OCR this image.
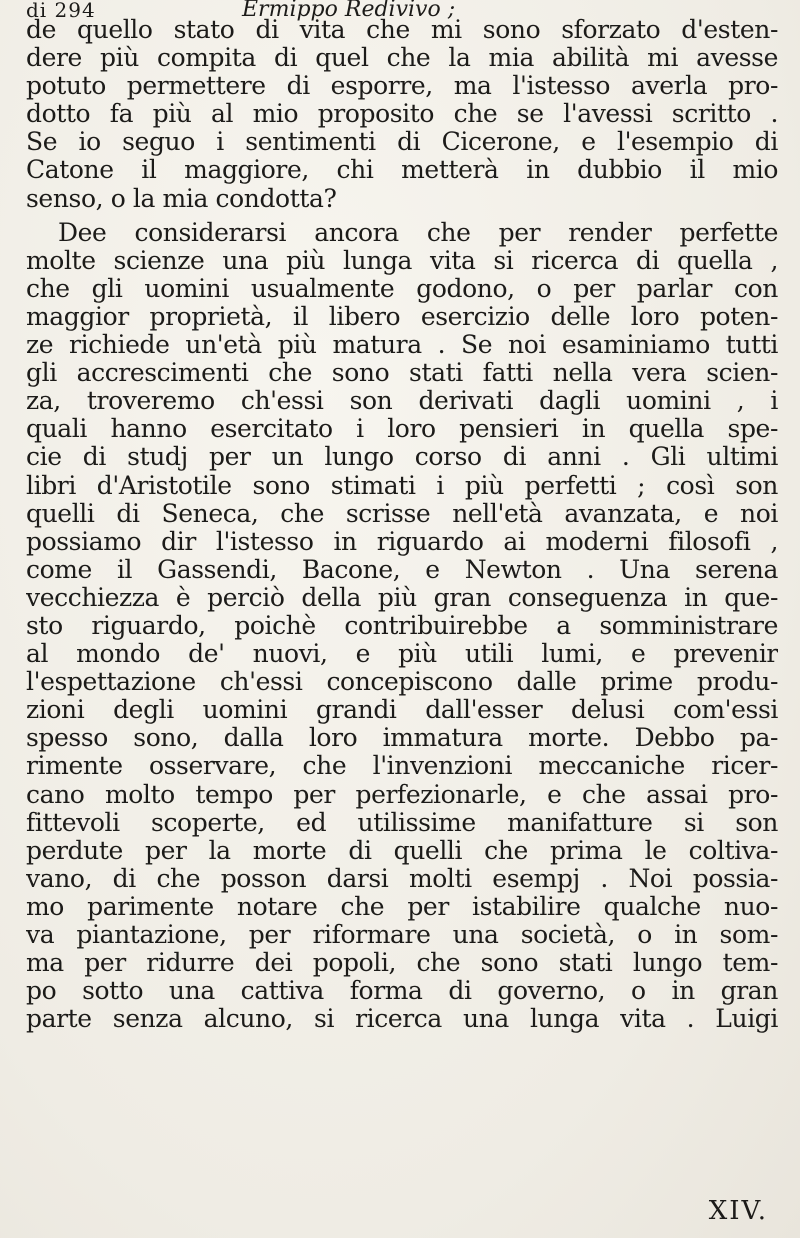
di 294	Ermippo Redivivo ;
de quello stato di vita che mi sono sforzato d'esten-
dere più compita di quel che la mia abilità mi avesse
potuto permettere di esporre, ma l'istesso averla pro-
dotto fa più al mio proposito che se l'avessi scritto .
Se io seguo i sentimenti di Cicerone, e l'esempio di
Catone il maggiore, chi metterà in dubbio il mio
senso, o la mia condotta?
Dee considerarsi ancora che per render perfette
molte scienze una più lunga vita si ricerca di quella ,
che gli uomini usualmente godono, o per parlar con
maggior proprietà, il libero esercizio delle loro poten-
ze richiede un'età più matura . Se noi esaminiamo tutti
gli accrescimenti che sono stati fatti nella vera scien-
za, troveremo ch'essi son derivati dagli uomini , i
quali hanno esercitato i loro pensieri in quella spe-
cie di studj per un lungo corso di anni . Gli ultimi
libri d'Aristotile sono stimati i più perfetti ; così son
quelli di Seneca, che scrisse nell'età avanzata, e noi
possiamo dir l'istesso in riguardo ai moderni filosofi ,
come il Gassendi, Bacone, e Newton . Una serena
vecchiezza è perciò della più gran conseguenza in que-
sto riguardo, poichè contribuirebbe a somministrare
al mondo de' nuovi, e più utili lumi, e prevenir
l'espettazione ch'essi concepiscono dalle prime produ-
zioni degli uomini grandi dall'esser delusi com'essi
spesso sono, dalla loro immatura morte. Debbo pa-
rimente osservare, che l'invenzioni meccaniche ricer-
cano molto tempo per perfezionarle, e che assai pro-
fittevoli scoperte, ed utilissime manifatture si son
perdute per la morte di quelli che prima le coltiva-
vano, di che posson darsi molti esempj . Noi possia-
mo parimente notare che per istabilire qualche nuo-
va piantazione, per riformare una società, o in som-
ma per ridurre dei popoli, che sono stati lungo tem-
po sotto una cattiva forma di governo, o in gran
parte senza alcuno, si ricerca una lunga vita . Luigi
XIV.
